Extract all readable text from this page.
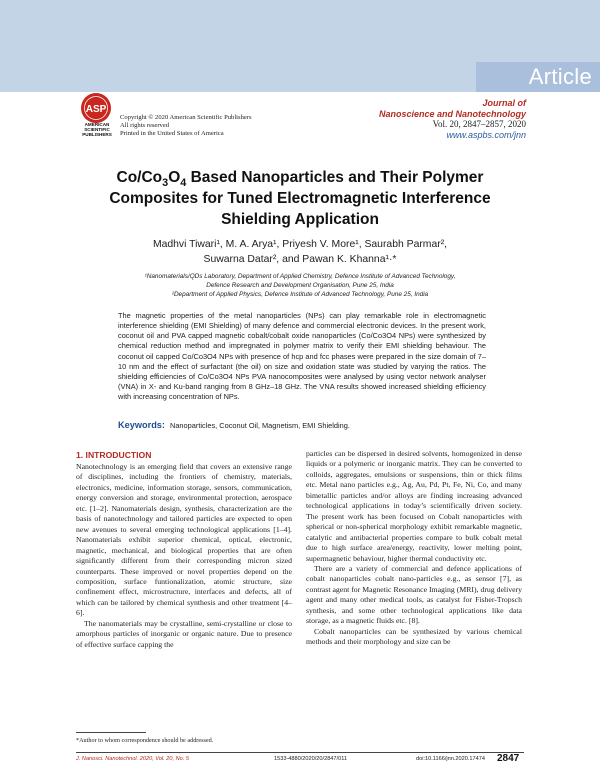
Article
ASP
AMERICAN
SCIENTIFIC
PUBLISHERS
Copyright © 2020 American Scientific Publishers
All rights reserved
Printed in the United States of America
Journal of
Nanoscience and Nanotechnology
Vol. 20, 2847–2857, 2020
www.aspbs.com/jnn
$Co/Co_3O_4$ Based Nanoparticles and Their Polymer
Composites for Tuned Electromagnetic Interference
Shielding Application
Madhvi Tiwari¹, M. A. Arya¹, Priyesh V. More¹, Saurabh Parmar²,
Suwarna Datar², and Pawan K. Khanna¹·*
¹Nanomaterials/QDs Laboratory, Department of Applied Chemistry, Defence Institute of Advanced Technology,
Defence Research and Development Organisation, Pune 25, India
²Department of Applied Physics, Defence Institute of Advanced Technology, Pune 25, India
The magnetic properties of the metal nanoparticles (NPs) can play remarkable role in electromagnetic interference shielding (EMI Shielding) of many defence and commercial electronic devices. In the present work, coconut oil and PVA capped magnetic cobalt/cobalt oxide nanoparticles (Co/Co3O4 NPs) were synthesized by chemical reduction method and impregnated in polymer matrix to verify their EMI shielding behaviour. The coconut oil capped Co/Co3O4 NPs with presence of hcp and fcc phases were prepared in the size domain of 7–10 nm and the effect of surfactant (the oil) on size and oxidation state was studied by varying the ratios. The shielding efficiencies of Co/Co3O4 NPs PVA nanocomposites were analysed by using vector network analyser (VNA) in X- and Ku-band ranging from 8 GHz–18 GHz. The VNA results showed increased shielding efficiency with increasing concentration of NPs.
Keywords: Nanoparticles, Coconut Oil, Magnetism, EMI Shielding.
1. INTRODUCTION

Nanotechnology is an emerging field that covers an extensive range of disciplines, including the frontiers of chemistry, materials, electronics, medicine, information storage, sensors, communication, energy conversion and storage, environmental protection, aerospace etc. [1–2]. Nanomaterials design, synthesis, characterization are the basis of nanotechnology and tailored particles are expected to open new avenues to several emerging technological applications [1–4]. Nanomaterials exhibit superior chemical, optical, electronic, magnetic, mechanical, and biological properties that are often significantly different from their corresponding micron sized counterparts. These improved or novel properties depend on the composition, surface funtionalization, atomic structure, size confinement effect, microstructure, interfaces and defects, all of which can be tailored by chemical synthesis and other treatment [4–6].

The nanomaterials may be crystalline, semi-crystalline or close to amorphous particles of inorganic or organic nature. Due to presence of effective surface capping the

particles can be dispersed in desired solvents, homogenized in dense liquids or a polymeric or inorganic matrix. They can be converted to colloids, aggregates, emulsions or suspensions, thin or thick films etc. Metal nano particles e.g., Ag, Au, Pd, Pt, Fe, Ni, Co, and many bimetallic particles and/or alloys are finding increasing advanced technological applications in today’s scientifically driven society. The present work has been focused on Cobalt nanoparticles with spherical or non-spherical morphology exhibit remarkable magnetic, catalytic and antibacterial properties compare to bulk cobalt metal due to high surface area/energy, reactivity, lower melting point, supermagnetic behaviour, higher thermal conductivity etc.

There are a variety of commercial and defence applications of cobalt nanoparticles cobalt nano-particles e.g., as sensor [7], as contrast agent for Magnetic Resonance Imaging (MRI), drug delivery agent and many other medical tools, as catalyst for Fisher-Tropsch synthesis, and some other technological applications like data storage, as a magnetic fluids etc. [8].

Cobalt nanoparticles can be synthesized by various chemical methods and their morphology and size can be

*Author to whom correspondence should be addressed.
J. Nanosci. Nanotechnol. 2020, Vol. 20, No. 5	1533-4880/2020/20/2847/011	doi:10.1166/jnn.2020.17474 2847
